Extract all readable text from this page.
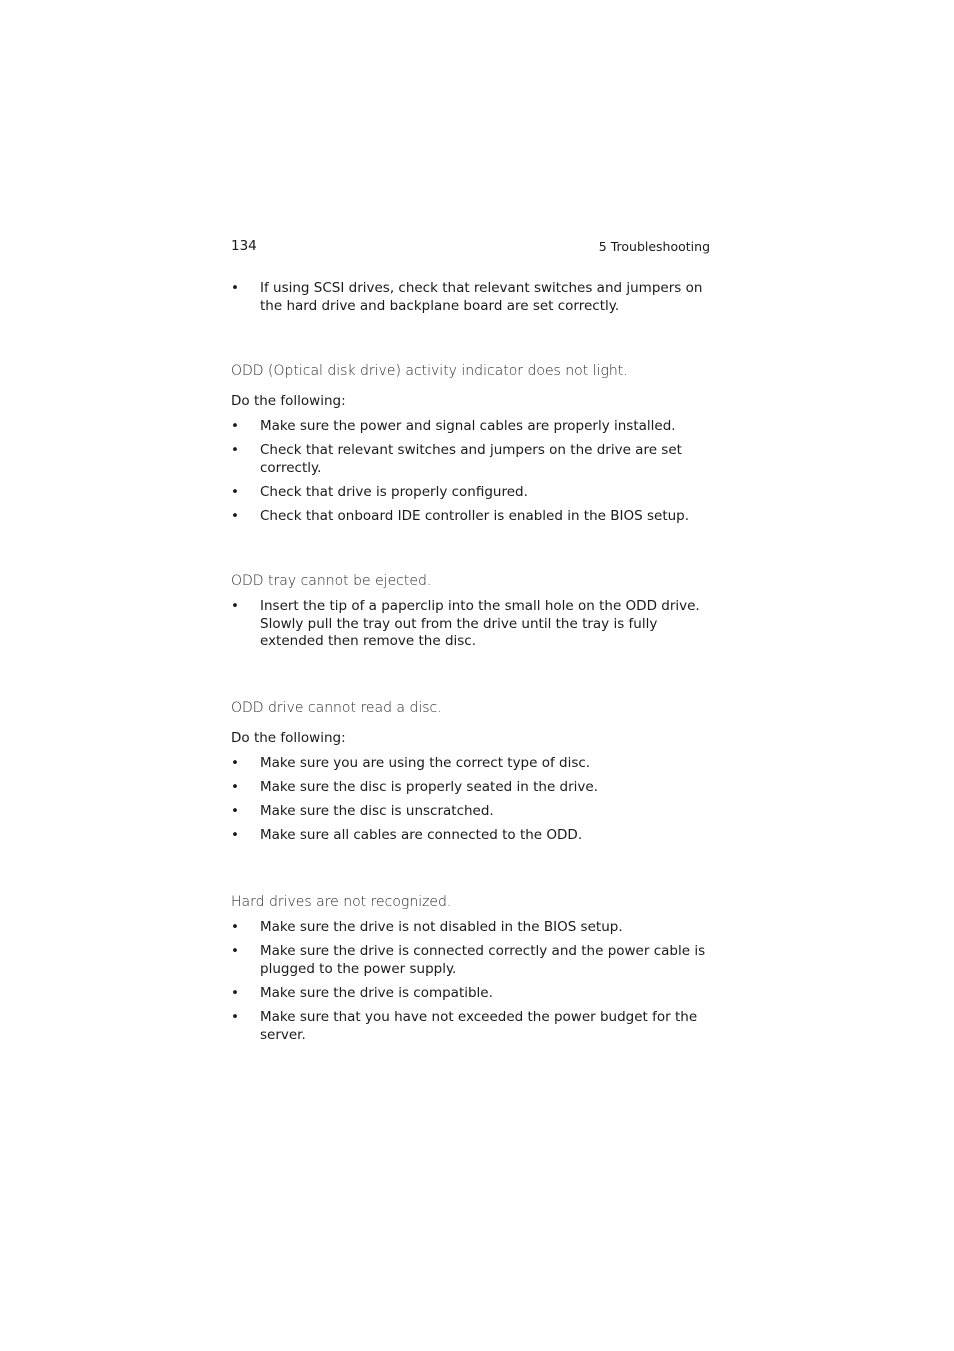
134	5 Troubleshooting
•	If using SCSI drives, check that relevant switches and jumpers on the hard drive and backplane board are set correctly.
ODD (Optical disk drive) activity indicator does not light.
Do the following:
•	Make sure the power and signal cables are properly installed.
•	Check that relevant switches and jumpers on the drive are set correctly.
•	Check that drive is properly configured.
•	Check that onboard IDE controller is enabled in the BIOS setup.
ODD tray cannot be ejected.
•	Insert the tip of a paperclip into the small hole on the ODD drive. Slowly pull the tray out from the drive until the tray is fully extended then remove the disc.
ODD drive cannot read a disc.
Do the following:
•	Make sure you are using the correct type of disc.
•	Make sure the disc is properly seated in the drive.
•	Make sure the disc is unscratched.
•	Make sure all cables are connected to the ODD.
Hard drives are not recognized.
•	Make sure the drive is not disabled in the BIOS setup.
•	Make sure the drive is connected correctly and the power cable is plugged to the power supply.
•	Make sure the drive is compatible.
•	Make sure that you have not exceeded the power budget for the server.
